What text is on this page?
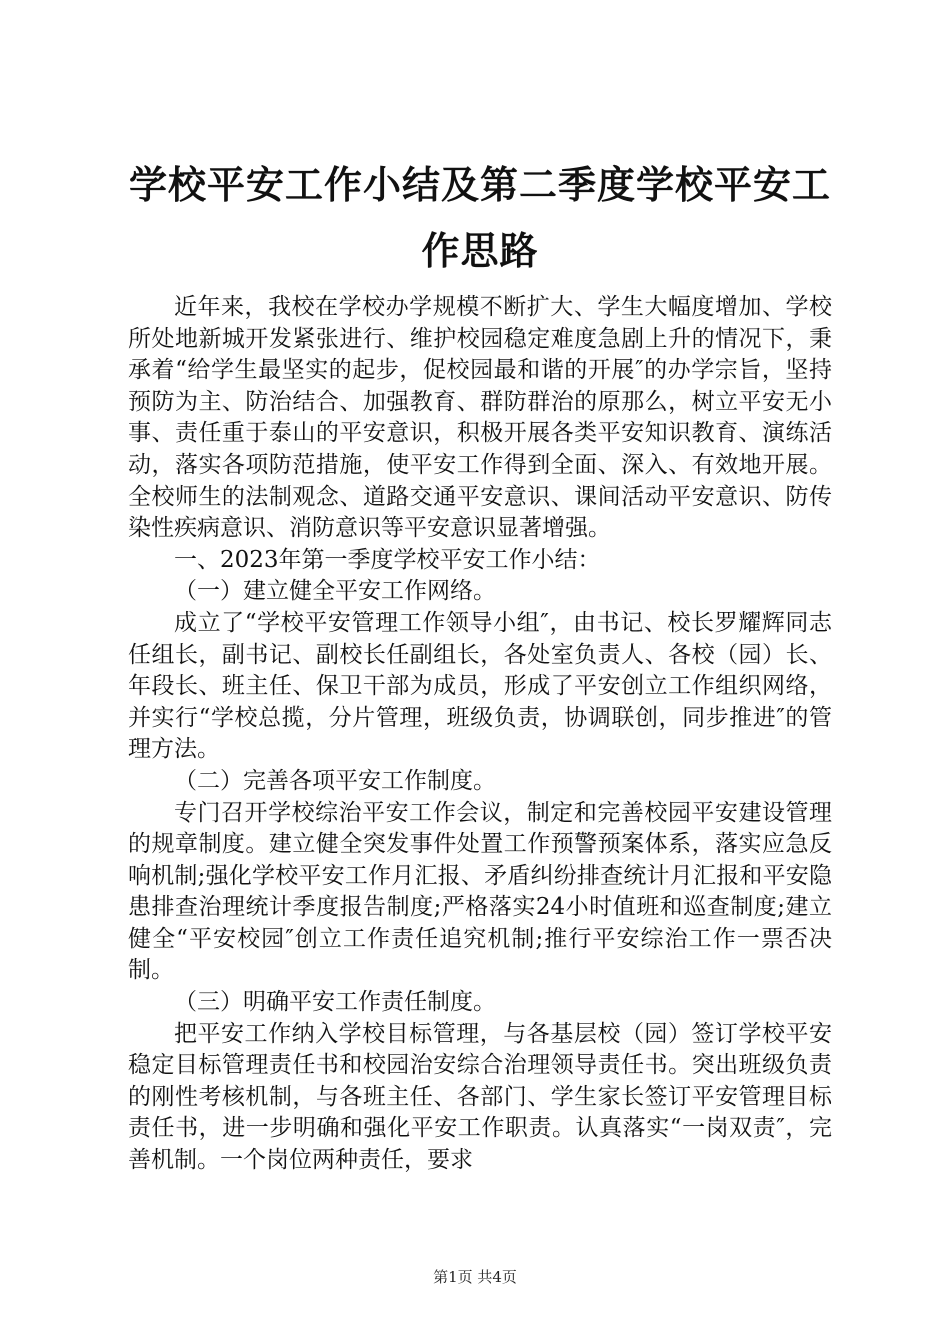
学校平安工作小结及第二季度学校平安工作思路

近年来，我校在学校办学规模不断扩大、学生大幅度增加、学校所处地新城开发紧张进行、维护校园稳定难度急剧上升的情况下，秉承着“给学生最坚实的起步，促校园最和谐的开展″的办学宗旨，坚持预防为主、防治结合、加强教育、群防群治的原那么，树立平安无小事、责任重于泰山的平安意识，积极开展各类平安知识教育、演练活动，落实各项防范措施，使平安工作得到全面、深入、有效地开展。全校师生的法制观念、道路交通平安意识、课间活动平安意识、防传染性疾病意识、消防意识等平安意识显著增强。

一、2023年第一季度学校平安工作小结：

（一）建立健全平安工作网络。

成立了“学校平安管理工作领导小组″，由书记、校长罗耀辉同志任组长，副书记、副校长任副组长，各处室负责人、各校（园）长、年段长、班主任、保卫干部为成员，形成了平安创立工作组织网络，并实行“学校总揽，分片管理，班级负责，协调联创，同步推进″的管理方法。

（二）完善各项平安工作制度。

专门召开学校综治平安工作会议，制定和完善校园平安建设管理的规章制度。建立健全突发事件处置工作预警预案体系，落实应急反响机制;强化学校平安工作月汇报、矛盾纠纷排查统计月汇报和平安隐患排查治理统计季度报告制度;严格落实24小时值班和巡查制度;建立健全“平安校园″创立工作责任追究机制;推行平安综治工作一票否决制。

（三）明确平安工作责任制度。

把平安工作纳入学校目标管理，与各基层校（园）签订学校平安稳定目标管理责任书和校园治安综合治理领导责任书。突出班级负责的刚性考核机制，与各班主任、各部门、学生家长签订平安管理目标责任书，进一步明确和强化平安工作职责。认真落实“一岗双责″，完善机制。一个岗位两种责任，要求

第1页 共4页
